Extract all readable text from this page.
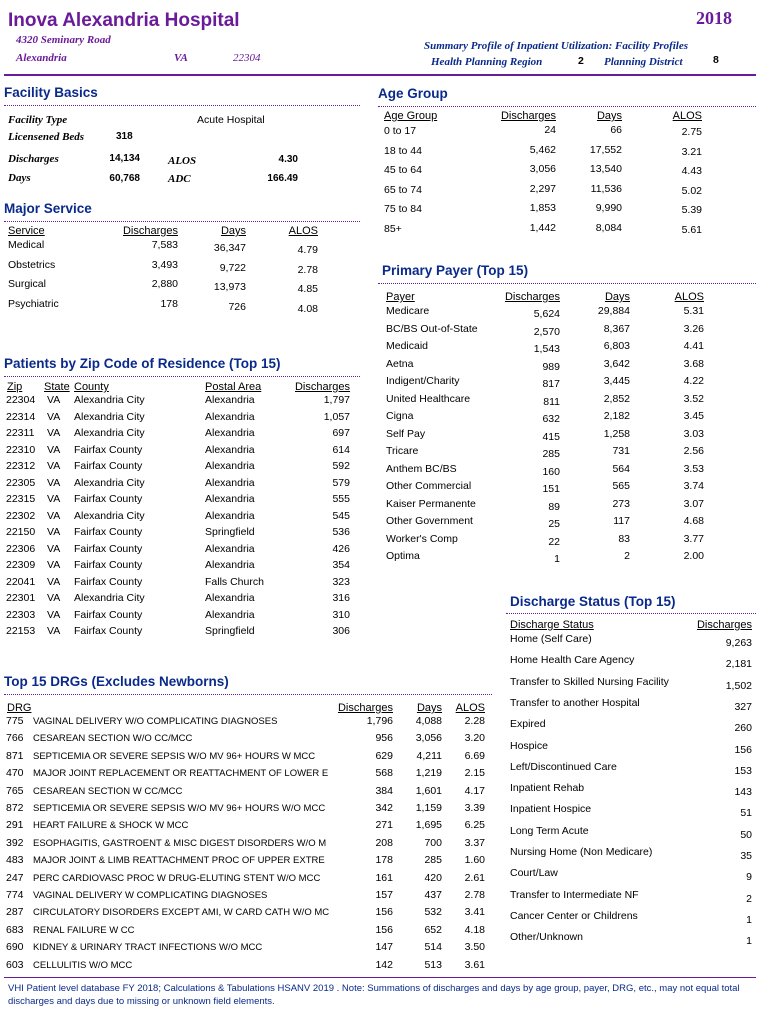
Inova Alexandria Hospital	2018
4320 Seminary Road
Alexandria	VA	22304
Summary Profile of Inpatient Utilization: Facility Profiles
Health Planning Region	2 Planning District	8
Facility Basics
Facility Type	Acute Hospital
Licensened Beds	318
Discharges	14,134	ALOS	4.30
Days	60,768	ADC	166.49
Major Service
Service	Discharges	Days	ALOS
Medical	7,583	36,347	4.79
Obstetrics	3,493	9,722	2.78
Surgical	2,880	13,973	4.85
Psychiatric	178	726	4.08
Age Group
Age Group	Discharges	Days	ALOS
0 to 17	24	66	2.75
18 to 44	5,462	17,552	3.21
45 to 64	3,056	13,540	4.43
65 to 74	2,297	11,536	5.02
75 to 84	1,853	9,990	5.39
85+	1,442	8,084	5.61
Primary Payer (Top 15)
Payer	Discharges	Days	ALOS
Medicare	5,624	29,884	5.31
BC/BS Out-of-State	2,570	8,367	3.26
Medicaid	1,543	6,803	4.41
Aetna	989	3,642	3.68
Indigent/Charity	817	3,445	4.22
United Healthcare	811	2,852	3.52
Cigna	632	2,182	3.45
Self Pay	415	1,258	3.03
Tricare	285	731	2.56
Anthem BC/BS	160	564	3.53
Other Commercial	151	565	3.74
Kaiser Permanente	89	273	3.07
Other Government	25	117	4.68
Worker's Comp	22	83	3.77
Optima	1	2	2.00
Patients by Zip Code of Residence (Top 15)
Zip State County	Postal Area	Discharges
22304 VA Alexandria City	Alexandria	1,797
22314 VA Alexandria City	Alexandria	1,057
22311 VA Alexandria City	Alexandria	697
22310 VA Fairfax County	Alexandria	614
22312 VA Fairfax County	Alexandria	592
22305 VA Alexandria City	Alexandria	579
22315 VA Fairfax County	Alexandria	555
22302 VA Alexandria City	Alexandria	545
22150 VA Fairfax County	Springfield	536
22306 VA Fairfax County	Alexandria	426
22309 VA Fairfax County	Alexandria	354
22041 VA Fairfax County	Falls Church	323
22301 VA Alexandria City	Alexandria	316
22303 VA Fairfax County	Alexandria	310
22153 VA Fairfax County	Springfield	306
Top 15 DRGs (Excludes Newborns)
DRG	Discharges	Days	ALOS
775 VAGINAL DELIVERY W/O COMPLICATING DIAGNOSES	1,796	4,088	2.28
766 CESAREAN SECTION W/O CC/MCC	956	3,056	3.20
871 SEPTICEMIA OR SEVERE SEPSIS W/O MV 96+ HOURS W MCC	629	4,211	6.69
470 MAJOR JOINT REPLACEMENT OR REATTACHMENT OF LOWER E	568	1,219	2.15
765 CESAREAN SECTION W CC/MCC	384	1,601	4.17
872 SEPTICEMIA OR SEVERE SEPSIS W/O MV 96+ HOURS W/O MCC	342	1,159	3.39
291 HEART FAILURE & SHOCK W MCC	271	1,695	6.25
392 ESOPHAGITIS, GASTROENT & MISC DIGEST DISORDERS W/O M	208	700	3.37
483 MAJOR JOINT & LIMB REATTACHMENT PROC OF UPPER EXTRE	178	285	1.60
247 PERC CARDIOVASC PROC W DRUG-ELUTING STENT W/O MCC	161	420	2.61
774 VAGINAL DELIVERY W COMPLICATING DIAGNOSES	157	437	2.78
287 CIRCULATORY DISORDERS EXCEPT AMI, W CARD CATH W/O MC	156	532	3.41
683 RENAL FAILURE W CC	156	652	4.18
690 KIDNEY & URINARY TRACT INFECTIONS W/O MCC	147	514	3.50
603 CELLULITIS W/O MCC	142	513	3.61
Discharge Status (Top 15)
Discharge Status	Discharges
Home (Self Care)	9,263
Home Health Care Agency	2,181
Transfer to Skilled Nursing Facility	1,502
Transfer to another Hospital	327
Expired	260
Hospice	156
Left/Discontinued Care	153
Inpatient Rehab	143
Inpatient Hospice	51
Long Term Acute	50
Nursing Home (Non Medicare)	35
Court/Law	9
Transfer to Intermediate NF	2
Cancer Center or Childrens	1
Other/Unknown	1
VHI Patient level database FY 2018; Calculations & Tabulations HSANV 2019 . Note: Summations of discharges and days by age group, payer, DRG, etc., may not equal total discharges and days due to missing or unknown field elements.
